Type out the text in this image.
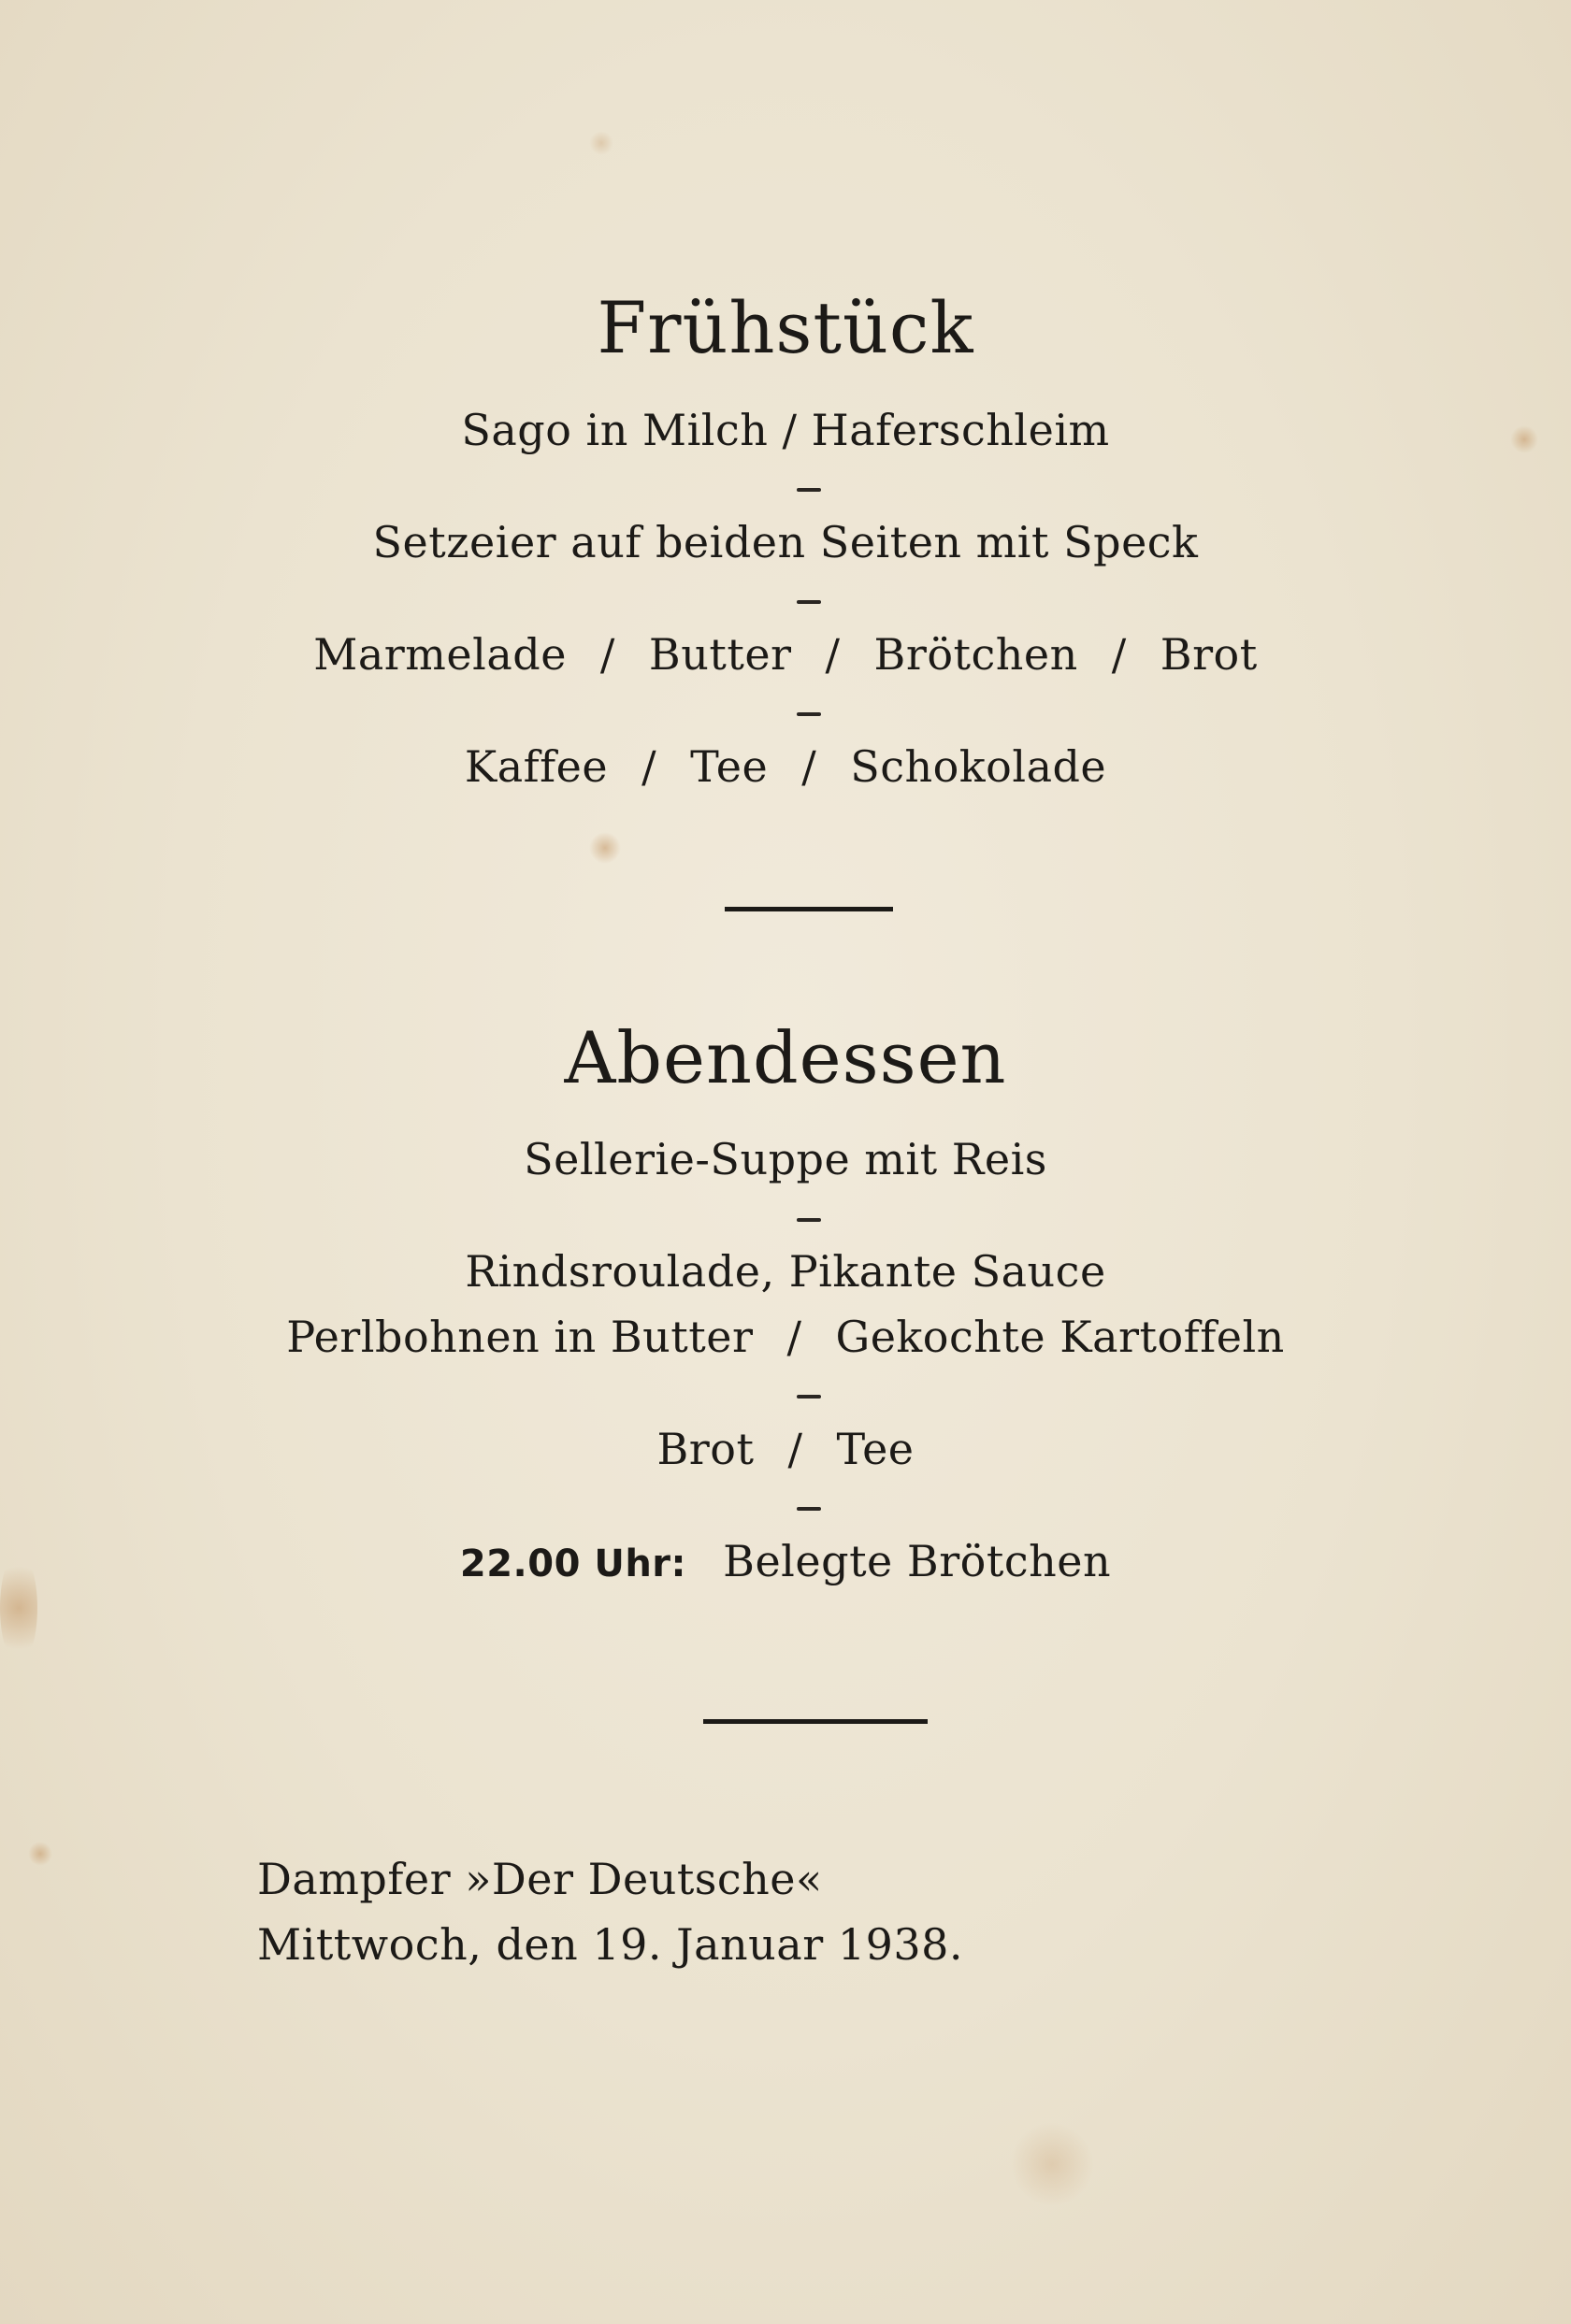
Frühstück
Sago in Milch / Haferschleim
Setzeier auf beiden Seiten mit Speck
Marmelade / Butter / Brötchen / Brot
Kaffee / Tee / Schokolade
Abendessen
Sellerie-Suppe mit Reis
Rindsroulade, Pikante Sauce
Perlbohnen in Butter / Gekochte Kartoffeln
Brot / Tee
22.00 Uhr: Belegte Brötchen
Dampfer »Der Deutsche«
Mittwoch, den 19. Januar 1938.
